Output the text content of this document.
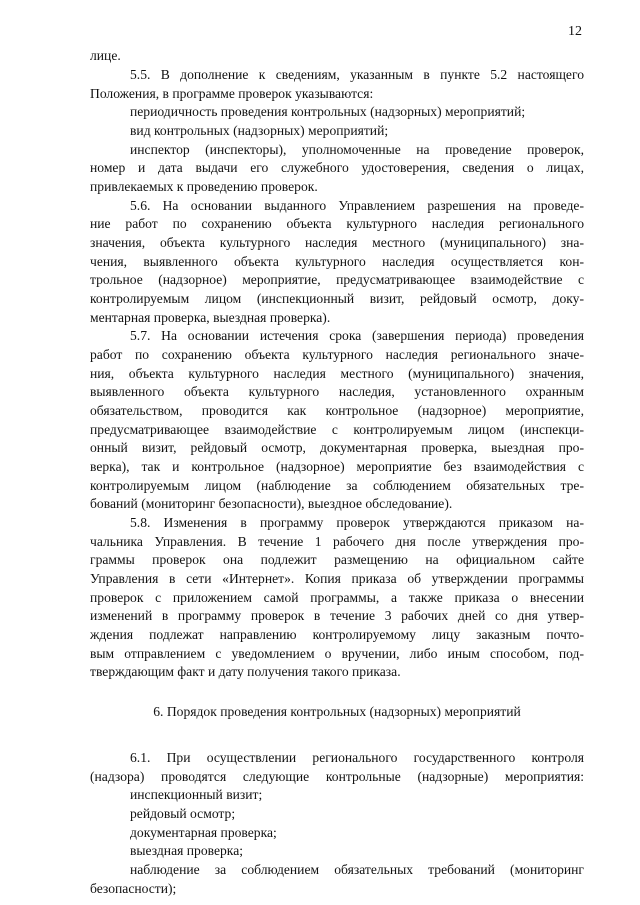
12
лице.
5.5. В дополнение к сведениям, указанным в пункте 5.2 настоящего
Положения, в программе проверок указываются:
периодичность проведения контрольных (надзорных) мероприятий;
вид контрольных (надзорных) мероприятий;
инспектор (инспекторы), уполномоченные на проведение проверок,
номер и дата выдачи его служебного удостоверения, сведения о лицах,
привлекаемых к проведению проверок.
5.6. На основании выданного Управлением разрешения на проведе-
ние работ по сохранению объекта культурного наследия регионального
значения, объекта культурного наследия местного (муниципального) зна-
чения, выявленного объекта культурного наследия осуществляется кон-
трольное (надзорное) мероприятие, предусматривающее взаимодействие с
контролируемым лицом (инспекционный визит, рейдовый осмотр, доку-
ментарная проверка, выездная проверка).
5.7. На основании истечения срока (завершения периода) проведения
работ по сохранению объекта культурного наследия регионального значе-
ния, объекта культурного наследия местного (муниципального) значения,
выявленного объекта культурного наследия, установленного охранным
обязательством, проводится как контрольное (надзорное) мероприятие,
предусматривающее взаимодействие с контролируемым лицом (инспекци-
онный визит, рейдовый осмотр, документарная проверка, выездная про-
верка), так и контрольное (надзорное) мероприятие без взаимодействия с
контролируемым лицом (наблюдение за соблюдением обязательных тре-
бований (мониторинг безопасности), выездное обследование).
5.8. Изменения в программу проверок утверждаются приказом на-
чальника Управления. В течение 1 рабочего дня после утверждения про-
граммы проверок она подлежит размещению на официальном сайте
Управления в сети «Интернет». Копия приказа об утверждении программы
проверок с приложением самой программы, а также приказа о внесении
изменений в программу проверок в течение 3 рабочих дней со дня утвер-
ждения подлежат направлению контролируемому лицу заказным почто-
вым отправлением с уведомлением о вручении, либо иным способом, под-
тверждающим факт и дату получения такого приказа.
6. Порядок проведения контрольных (надзорных) мероприятий
6.1. При осуществлении регионального государственного контроля
(надзора) проводятся следующие контрольные (надзорные) мероприятия:
инспекционный визит;
рейдовый осмотр;
документарная проверка;
выездная проверка;
наблюдение за соблюдением обязательных требований (мониторинг
безопасности);
